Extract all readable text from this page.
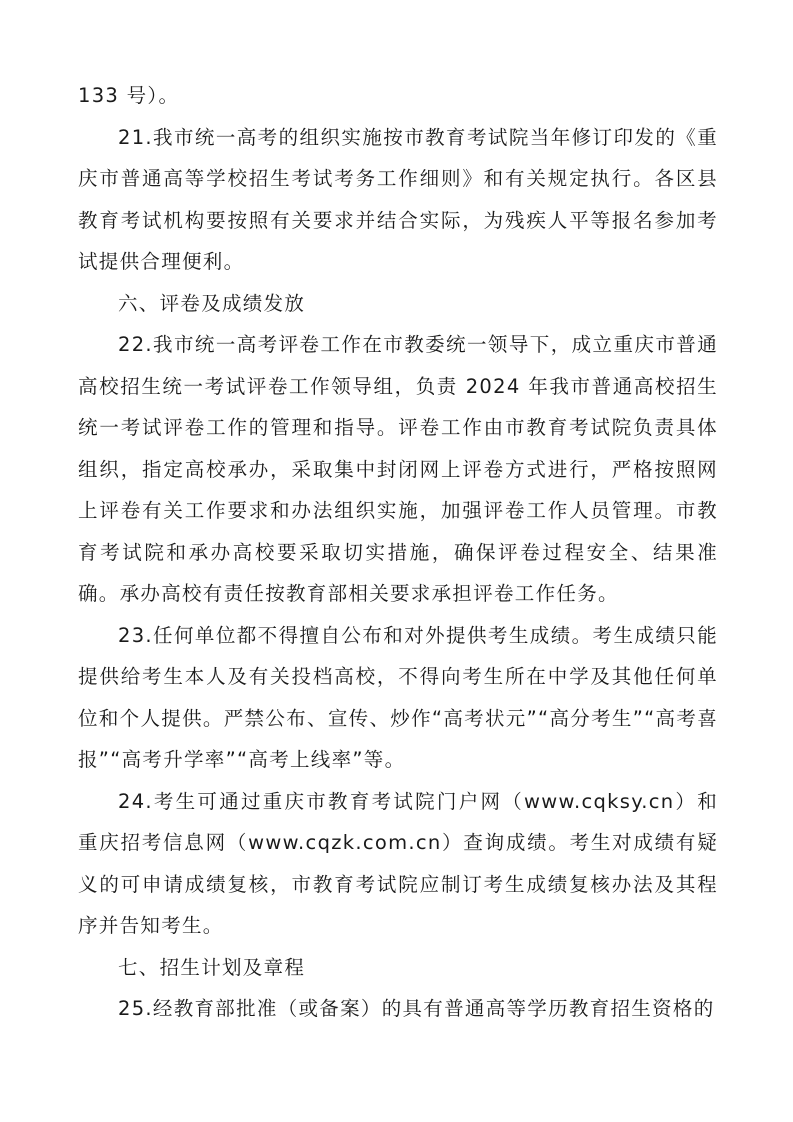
133 号）。

21.我市统一高考的组织实施按市教育考试院当年修订印发的《重庆市普通高等学校招生考试考务工作细则》和有关规定执行。各区县教育考试机构要按照有关要求并结合实际，为残疾人平等报名参加考试提供合理便利。

六、评卷及成绩发放

22.我市统一高考评卷工作在市教委统一领导下，成立重庆市普通高校招生统一考试评卷工作领导组，负责 2024 年我市普通高校招生统一考试评卷工作的管理和指导。评卷工作由市教育考试院负责具体组织，指定高校承办，采取集中封闭网上评卷方式进行，严格按照网上评卷有关工作要求和办法组织实施，加强评卷工作人员管理。市教育考试院和承办高校要采取切实措施，确保评卷过程安全、结果准确。承办高校有责任按教育部相关要求承担评卷工作任务。

23.任何单位都不得擅自公布和对外提供考生成绩。考生成绩只能提供给考生本人及有关投档高校，不得向考生所在中学及其他任何单位和个人提供。严禁公布、宣传、炒作“高考状元”“高分考生”“高考喜报”“高考升学率”“高考上线率”等。

24.考生可通过重庆市教育考试院门户网（www.cqksy.cn）和重庆招考信息网（www.cqzk.com.cn）查询成绩。考生对成绩有疑义的可申请成绩复核，市教育考试院应制订考生成绩复核办法及其程序并告知考生。

七、招生计划及章程

25.经教育部批准（或备案）的具有普通高等学历教育招生资格的
